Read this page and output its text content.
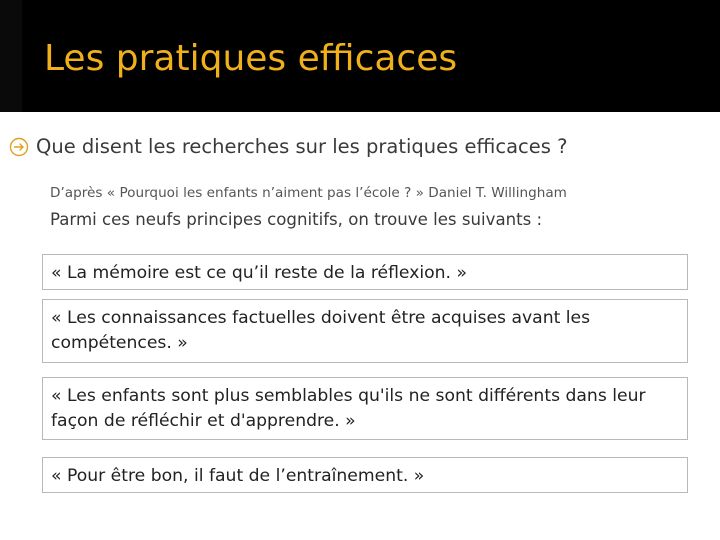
Les pratiques efficaces
Que disent les recherches sur les pratiques efficaces ?
D’après « Pourquoi les enfants n’aiment pas l’école ? » Daniel T. Willingham
Parmi ces neufs principes cognitifs, on trouve les suivants :
« La mémoire est ce qu’il reste de la réflexion. »
« Les connaissances factuelles doivent être acquises avant les compétences. »
« Les enfants sont plus semblables qu'ils ne sont différents dans leur façon de réfléchir et d'apprendre. »
« Pour être bon, il faut de l’entraînement. »
